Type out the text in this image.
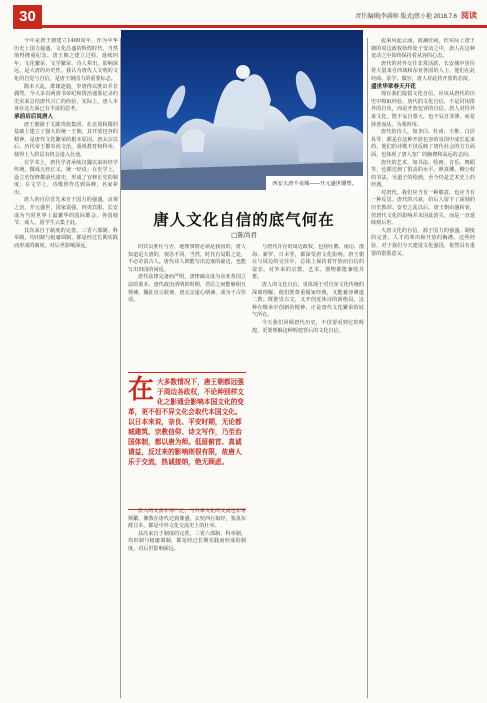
30	责任编辑|李满帅 版式|蔡小艳 2018.7.6 阅读

今年是唐王朝建立1400周年，作为中华历史上国力强盛、文化昌盛的辉煌时代，当然值得隆重纪念。唐王朝之建立过程，延续四年，文化繁荣，文学繁荣，诗人辈出，影响深远，是大唐的历史性。我认为唐代人文明的文化的自觉与自信，是唐王朝国力的重要标志。

隋末大乱，群雄逐鹿，李唐得以胜出并非偶然。今人多以两唐书帝纪和资治通鉴记录的史实来总结唐代兴亡的经验，实际上，唐人本身在这方面已有丰富的思考。

承前启后说唐人

唐王朝源于关陇贵族集团，在北周和隋的基础上建立了强大的统一王朝，其开放包容的精神，是唐代文化繁荣的根本原因。唐太宗以后，历代帝王都崇尚文治，重视教育和科举，使得士人阶层有机会进入仕途。

在学术上，唐代学者承续汉魏以来的经学传统，撰成五经正义，统一经说；在史学上，设立史馆修撰前代诸史，形成了官修正史的制度；在文学上，诗歌创作达到高峰，名家辈出。

唐人的自信首先来自于国力的强盛。贞观之治、开元盛世，国家富强，四夷宾服，长安成为当时世界上最繁华的国际都会，各国使节、商人、留学生云集于此。

其次来自于制度的完善。三省六部制、科举制、均田制与租庸调制，都是经过长期实践而形成的制度，对后世影响深远。

西安大唐不夜城——开元盛世雕塑。
唐人文化自信的底气何在
□陈尚君

的宾员胜任与否，地理事情必须是我国的，唐人知道是大唐的，观念不同。当然，时代有局限之处，不必苛责古人。唐代诗人既能写出边塞的豪迈，也能写出田园的闲适。

唐代法律完备而严明，唐律疏议成为东亚各国立法的蓝本。唐代政治清明的时期，君臣之间能够相互规谏，魏征直言敢谏，唐太宗虚心纳谏，成为千古佳话。

唐人的交游非常广泛，与外来文化的交流也非常频繁。佛教在唐代达到鼎盛，玄奘西行取经，鉴真东渡日本，都是中外文化交流史上的壮举。

其次来自于制度的完善。三省六部制、科举制、均田制与租庸调制，都是经过长期实践而形成的制度，对后世影响深远。

在大多数情况下，唐王朝都远强于周边各政权，不论种别样文化之影通会影响本国文化的变革，更不但不异文化会取代本国文化。以日本来说，奈良、平安时期，无论都城建筑、宗教信仰、诗文写作，乃至治国体制，都以唐为师。低眉俯首、真诚请益，反过来的影响则很有限，故唐人乐于交流，热诚接纳，绝无顾虑。

与唐代并存的周边政权，包括吐蕃、南诏、渤海、新罗、日本等，都深受唐文化影响。唐王朝在与周边的交往中，总体上保持着开放而自信的姿态，对外来的宗教、艺术、器物都能兼收并蓄。

唐人的文化自信，更体现于对自身文化传统的深刻理解。他们既尊重儒家经典，又能兼容佛道二教；既推崇古文，又开创近体诗的新格局。这种在继承中创新的精神，正是唐代文化繁荣的底气所在。

今天我们回顾唐代历史，不仅要看到它的辉煌，更要理解这种辉煌背后的文化自信。

起来风起云涌，波澜壮阔，但实际上唐王朝的周边政权始终处于变动之中，唐人在这种变动之中始终保持着从容的心态。

唐代的对外交往非常活跃，长安城中居住着大量来自西域和东亚各国的人士，他们在此经商、求学、做官，唐人对此持开放的态度。

盛世华章春天开花

现在我们提倡文化自信，应该从唐代的历史中吸取经验。唐代的文化自信，不是封闭排外的自负，而是开放包容的自信。唐人对待外来文化，既不妄自尊大，也不妄自菲薄，而是择善而从，为我所用。

唐代的诗人，如李白、杜甫、王维、白居易等，都是在这种开放包容的氛围中成长起来的。他们的诗歌不仅反映了唐代社会的方方面面，也体现了唐人宽广的胸襟和高远的志向。

唐代的艺术，如书法、绘画、音乐、舞蹈等，也都达到了很高的水平。颜真卿、柳公权的书法，吴道子的绘画，至今仍是艺术史上的经典。

对唐代，我们应当有一种敬意，也应当有一种反思。唐代的兴衰，给后人留下了深刻的历史教训。安史之乱以后，唐王朝由盛转衰，但唐代文化的影响并未因此消失，而是一直延续到后世。

大唐文化的自信，源于国力的强盛、制度的完善、人才的辈出和开放的胸襟。这些经验，对于我们今天建设文化强国，依然具有重要的借鉴意义。
